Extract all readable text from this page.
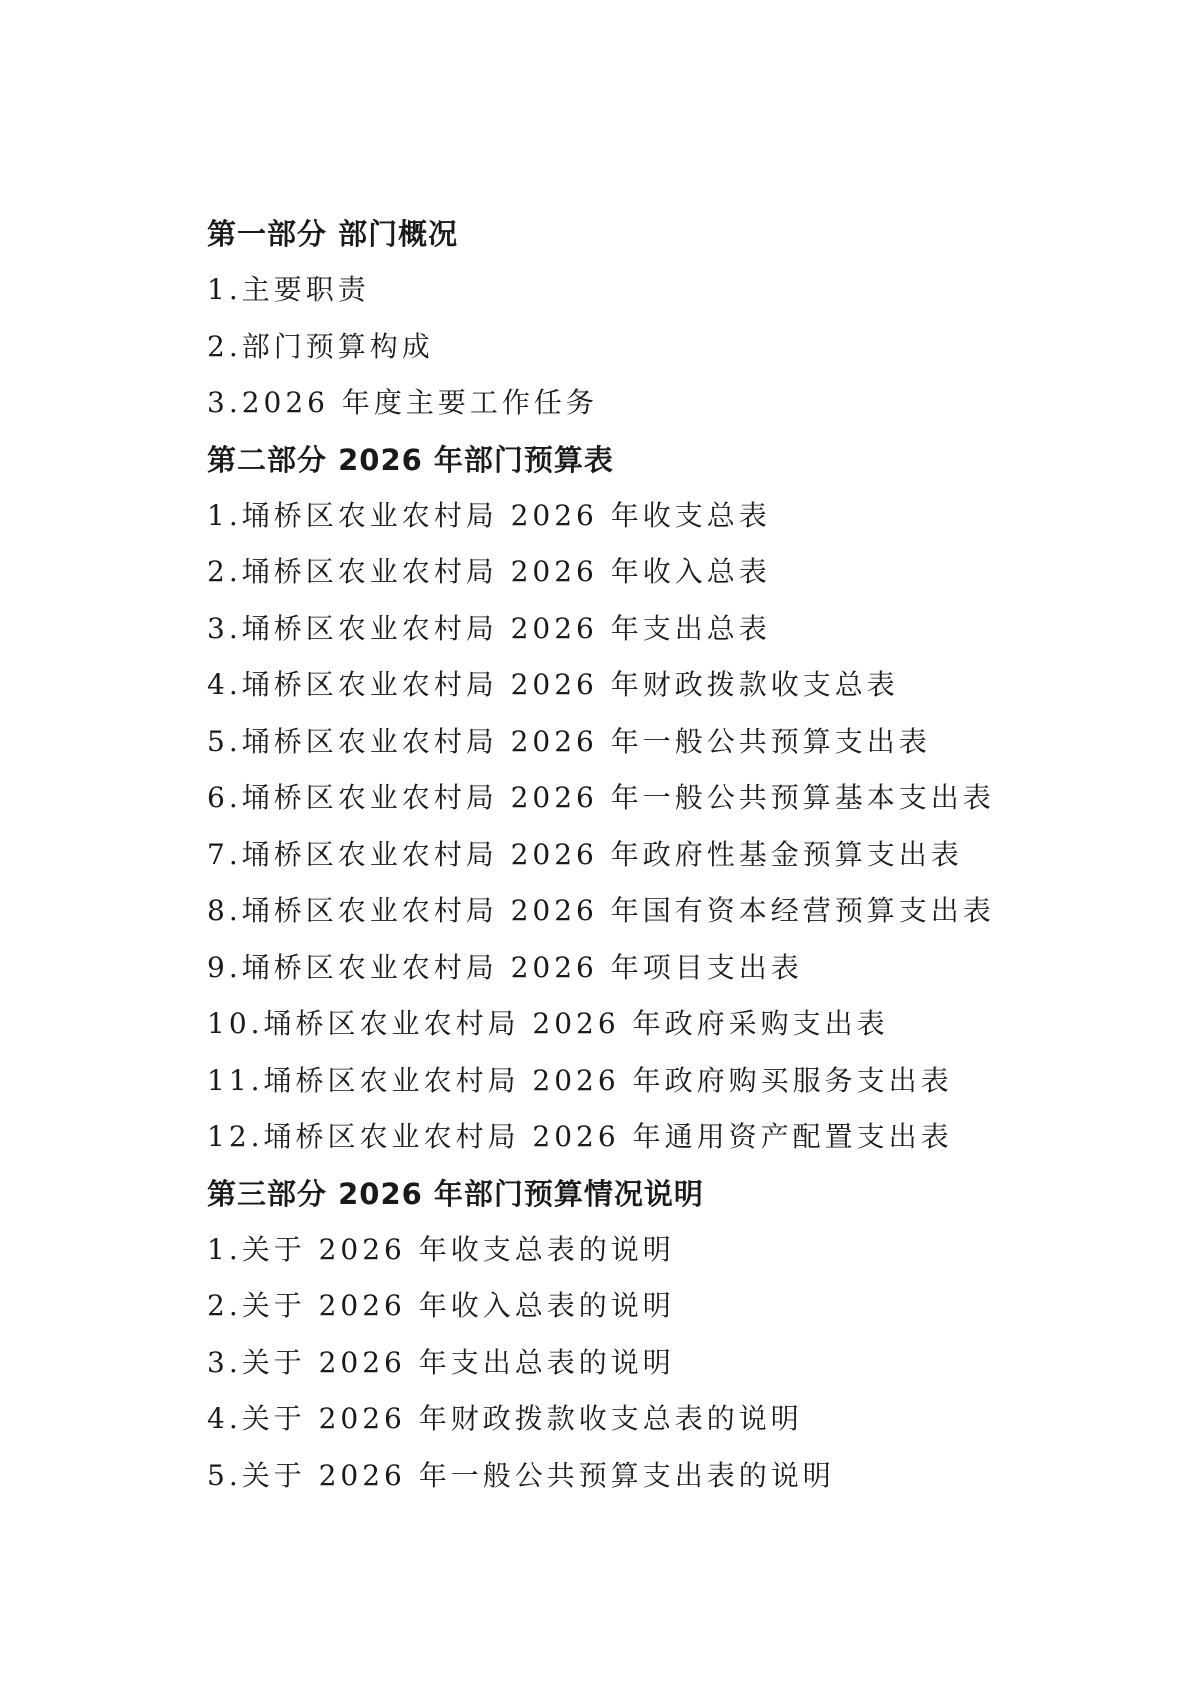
第一部分 部门概况
1.主要职责
2.部门预算构成
3.2026 年度主要工作任务
第二部分 2026 年部门预算表
1.埇桥区农业农村局 2026 年收支总表
2.埇桥区农业农村局 2026 年收入总表
3.埇桥区农业农村局 2026 年支出总表
4.埇桥区农业农村局 2026 年财政拨款收支总表
5.埇桥区农业农村局 2026 年一般公共预算支出表
6.埇桥区农业农村局 2026 年一般公共预算基本支出表
7.埇桥区农业农村局 2026 年政府性基金预算支出表
8.埇桥区农业农村局 2026 年国有资本经营预算支出表
9.埇桥区农业农村局 2026 年项目支出表
10.埇桥区农业农村局 2026 年政府采购支出表
11.埇桥区农业农村局 2026 年政府购买服务支出表
12.埇桥区农业农村局 2026 年通用资产配置支出表
第三部分 2026 年部门预算情况说明
1.关于 2026 年收支总表的说明
2.关于 2026 年收入总表的说明
3.关于 2026 年支出总表的说明
4.关于 2026 年财政拨款收支总表的说明
5.关于 2026 年一般公共预算支出表的说明
